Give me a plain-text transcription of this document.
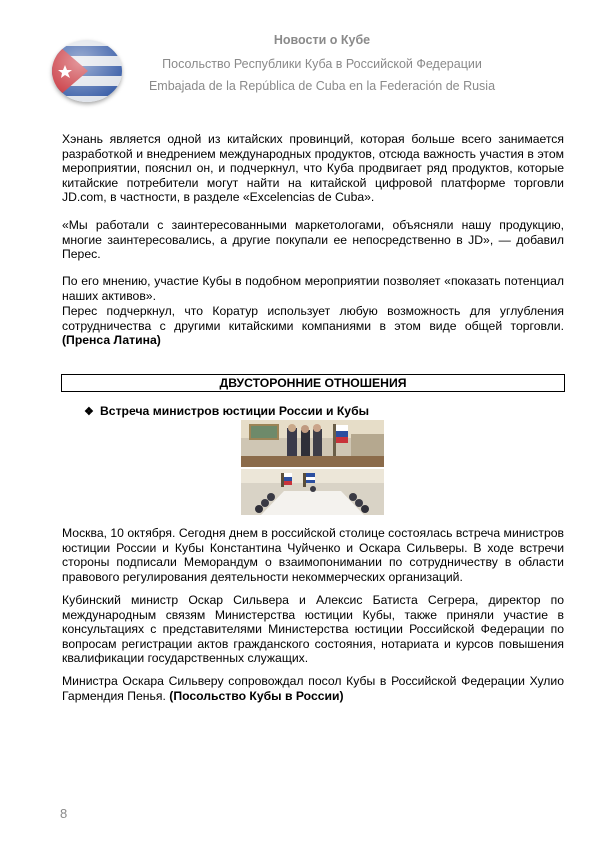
Новости о Кубе
Посольство Республики Куба в Российской Федерации
Embajada de la República de Cuba en la Federación de Rusia
Хэнань является одной из китайских провинций, которая больше всего занимается разработкой и внедрением международных продуктов, отсюда важность участия в этом мероприятии, пояснил он, и подчеркнул, что Куба продвигает ряд продуктов, которые китайские потребители могут найти на китайской цифровой платформе торговли JD.com, в частности, в разделе «Excelencias de Cuba».
«Мы работали с заинтересованными маркетологами, объясняли нашу продукцию, многие заинтересовались, а другие покупали ее непосредственно в JD», — добавил Перес.
По его мнению, участие Кубы в подобном мероприятии позволяет «показать потенциал наших активов».
Перес подчеркнул, что Коратур использует любую возможность для углубления сотрудничества с другими китайскими компаниями в этом виде общей торговли. (Пренса Латина)
ДВУСТОРОННИЕ ОТНОШЕНИЯ
❖ Встреча министров юстиции России и Кубы
Москва, 10 октября. Сегодня днем в российской столице состоялась встреча министров юстиции России и Кубы Константина Чуйченко и Оскара Сильверы. В ходе встречи стороны подписали Меморандум о взаимопонимании по сотрудничеству в области правового регулирования деятельности некоммерческих организаций.
Кубинский министр Оскар Сильвера и Алексис Батиста Сегрера, директор по международным связям Министерства юстиции Кубы, также приняли участие в консультациях с представителями Министерства юстиции Российской Федерации по вопросам регистрации актов гражданского состояния, нотариата и курсов повышения квалификации государственных служащих.
Министра Оскара Сильверу сопровождал посол Кубы в Российской Федерации Хулио Гармендия Пенья. (Посольство Кубы в России)
8
